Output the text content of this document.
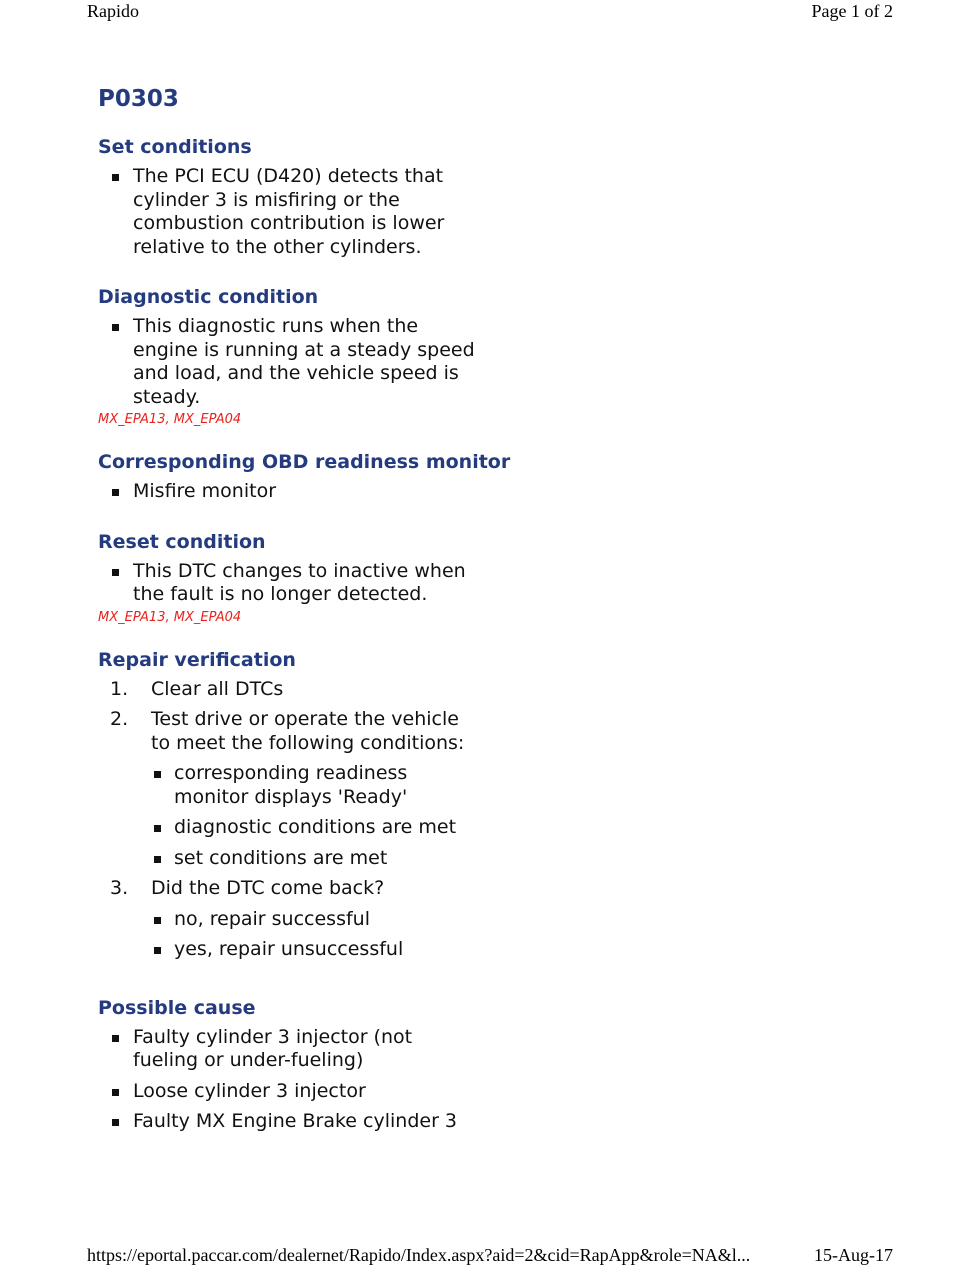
Rapido	Page 1 of 2
P0303
Set conditions
The PCI ECU (D420) detects that cylinder 3 is misfiring or the combustion contribution is lower relative to the other cylinders.
Diagnostic condition
This diagnostic runs when the engine is running at a steady speed and load, and the vehicle speed is steady.
MX_EPA13, MX_EPA04
Corresponding OBD readiness monitor
Misfire monitor
Reset condition
This DTC changes to inactive when the fault is no longer detected.
MX_EPA13, MX_EPA04
Repair verification
1. Clear all DTCs
2. Test drive or operate the vehicle to meet the following conditions:
corresponding readiness monitor displays 'Ready'
diagnostic conditions are met
set conditions are met
3. Did the DTC come back?
no, repair successful
yes, repair unsuccessful
Possible cause
Faulty cylinder 3 injector (not fueling or under-fueling)
Loose cylinder 3 injector
Faulty MX Engine Brake cylinder 3
https://eportal.paccar.com/dealernet/Rapido/Index.aspx?aid=2&cid=RapApp&role=NA&l...	15-Aug-17
